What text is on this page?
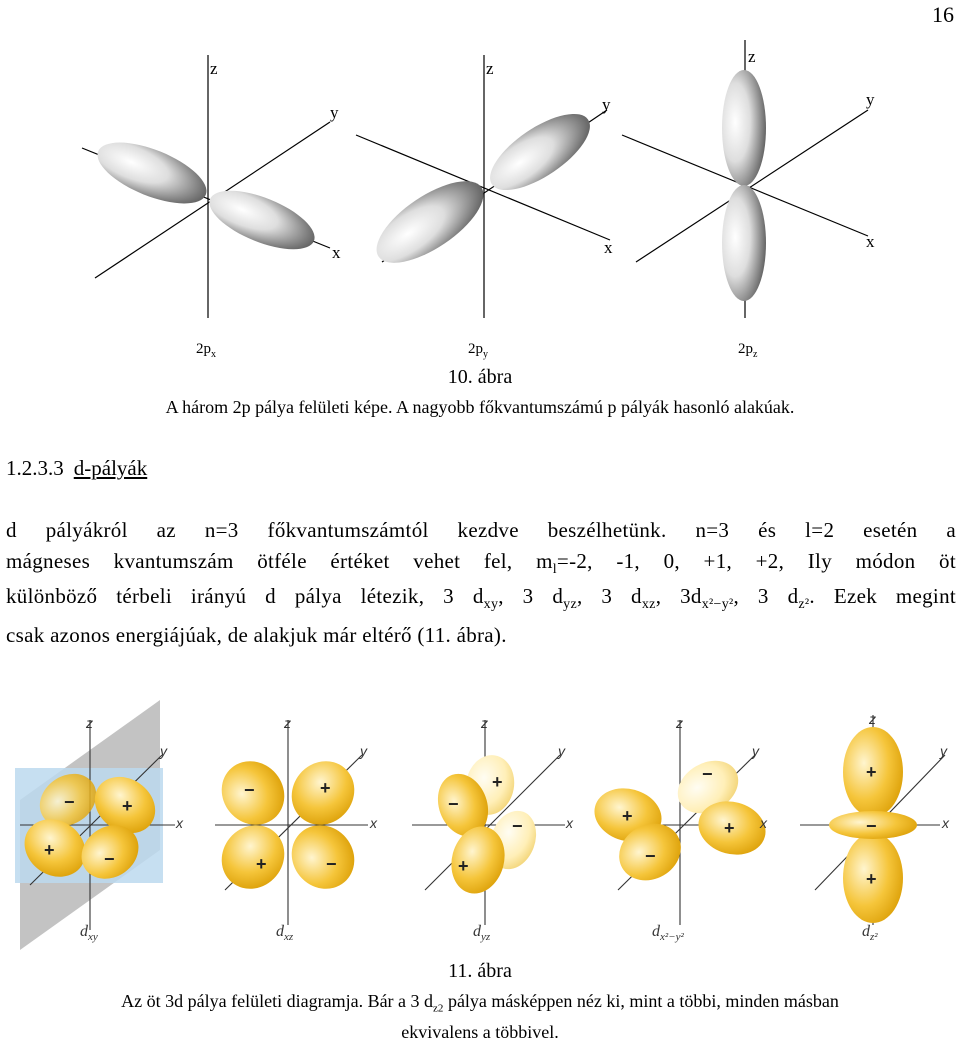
16
z
y
x
$2p_x$
z
y
x
$2p_y$
z
y
x
$2p_z$
10. ábra
A három 2p pálya felületi képe. A nagyobb főkvantumszámú p pályák hasonló alakúak.
1.2.3.3 d-pályák
d pályákról az n=3 főkvantumszámtól kezdve beszélhetünk. n=3 és l=2 esetén a
mágneses kvantumszám ötféle értéket vehet fel, $m_l=-2$, -1, 0, +1, +2, Ily módon öt
különböző térbeli irányú d pálya létezik, 3 $d_{xy}$, 3 $d_{yz}$, 3 $d_{xz}$, $3d_{x^2-y^2}$, 3 $d_{z^2}$. Ezek megint
csak azonos energiájúak, de alakjuk már eltérő (11. ábra).
−	+
+	−
z
y
x
$d_{xy}$
−	+
+	−
z
y
x
$d_{xz}$
+
−
−
+
z
y
x
$d_{yz}$
−
+
+
−
z
y
x
$d_{x^2-y^2}$
+
−
+
z
y
x
$d_{z^2}$
11. ábra
Az öt 3d pálya felületi diagramja. Bár a 3 $d_{z2}$ pálya másképpen néz ki, mint a többi, minden másban
ekvivalens a többivel.
